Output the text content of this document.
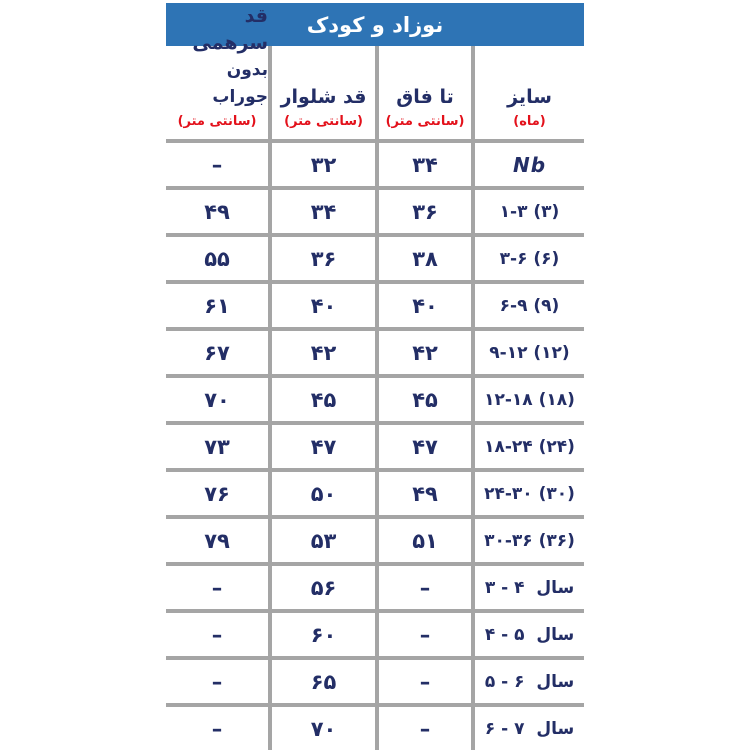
نوزاد و کودک
سایز
(ماه)
تا فاق
(سانتی متر)
قد شلوار
(سانتی متر)
قد سرهمی
بدون جوراب
(سانتی متر)
Nb
۳۴
۳۲
–
۱-۳ (۳)
۳۶
۳۴
۴۹
۳-۶ (۶)
۳۸
۳۶
۵۵
۶-۹ (۹)
۴۰
۴۰
۶۱
۹-۱۲ (۱۲)
۴۲
۴۲
۶۷
۱۲-۱۸ (۱۸)
۴۵
۴۵
۷۰
۱۸-۲۴ (۲۴)
۴۷
۴۷
۷۳
۲۴-۳۰ (۳۰)
۴۹
۵۰
۷۶
۳۰-۳۶ (۳۶)
۵۱
۵۳
۷۹
۳ - ۴  سال
–
۵۶
–
۴ - ۵  سال
–
۶۰
–
۵ - ۶  سال
–
۶۵
–
۶ - ۷  سال
–
۷۰
–
